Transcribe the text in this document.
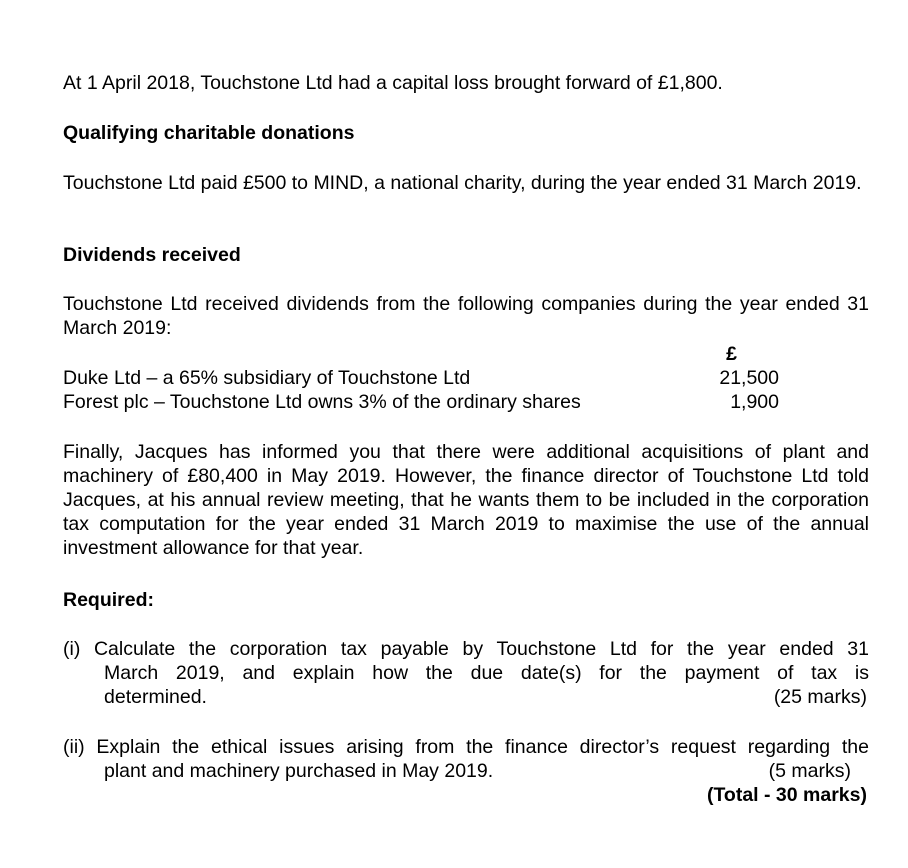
At 1 April 2018, Touchstone Ltd had a capital loss brought forward of £1,800.

Qualifying charitable donations

Touchstone Ltd paid £500 to MIND, a national charity, during the year ended 31 March 2019.

Dividends received

Touchstone Ltd received dividends from the following companies during the year ended 31 March 2019:

£
Duke Ltd – a 65% subsidiary of Touchstone Ltd	21,500
Forest plc – Touchstone Ltd owns 3% of the ordinary shares	1,900

Finally, Jacques has informed you that there were additional acquisitions of plant and machinery of £80,400 in May 2019. However, the finance director of Touchstone Ltd told Jacques, at his annual review meeting, that he wants them to be included in the corporation tax computation for the year ended 31 March 2019 to maximise the use of the annual investment allowance for that year.

Required:

(i) Calculate the corporation tax payable by Touchstone Ltd for the year ended 31
March 2019, and explain how the due date(s) for the payment of tax is
determined.	(25 marks)
(ii) Explain the ethical issues arising from the finance director’s request regarding the
plant and machinery purchased in May 2019.	(5 marks)
(Total - 30 marks)
